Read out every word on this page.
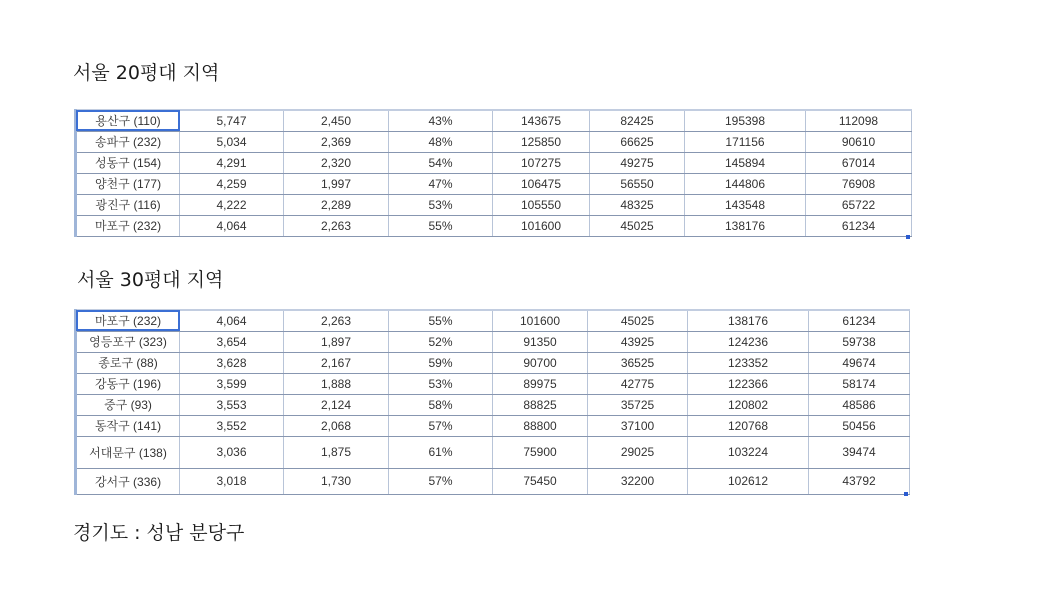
서울 20평대 지역
용산구 (110)	5,747	2,450	43%	143675	82425	195398	112098
송파구 (232)	5,034	2,369	48%	125850	66625	171156	90610
성동구 (154)	4,291	2,320	54%	107275	49275	145894	67014
양천구 (177)	4,259	1,997	47%	106475	56550	144806	76908
광진구 (116)	4,222	2,289	53%	105550	48325	143548	65722
마포구 (232)	4,064	2,263	55%	101600	45025	138176	61234
서울 30평대 지역
마포구 (232)	4,064	2,263	55%	101600	45025	138176	61234
영등포구 (323)	3,654	1,897	52%	91350	43925	124236	59738
종로구 (88)	3,628	2,167	59%	90700	36525	123352	49674
강동구 (196)	3,599	1,888	53%	89975	42775	122366	58174
중구 (93)	3,553	2,124	58%	88825	35725	120802	48586
동작구 (141)	3,552	2,068	57%	88800	37100	120768	50456
서대문구 (138)	3,036	1,875	61%	75900	29025	103224	39474
강서구 (336)	3,018	1,730	57%	75450	32200	102612	43792
경기도 : 성남 분당구
